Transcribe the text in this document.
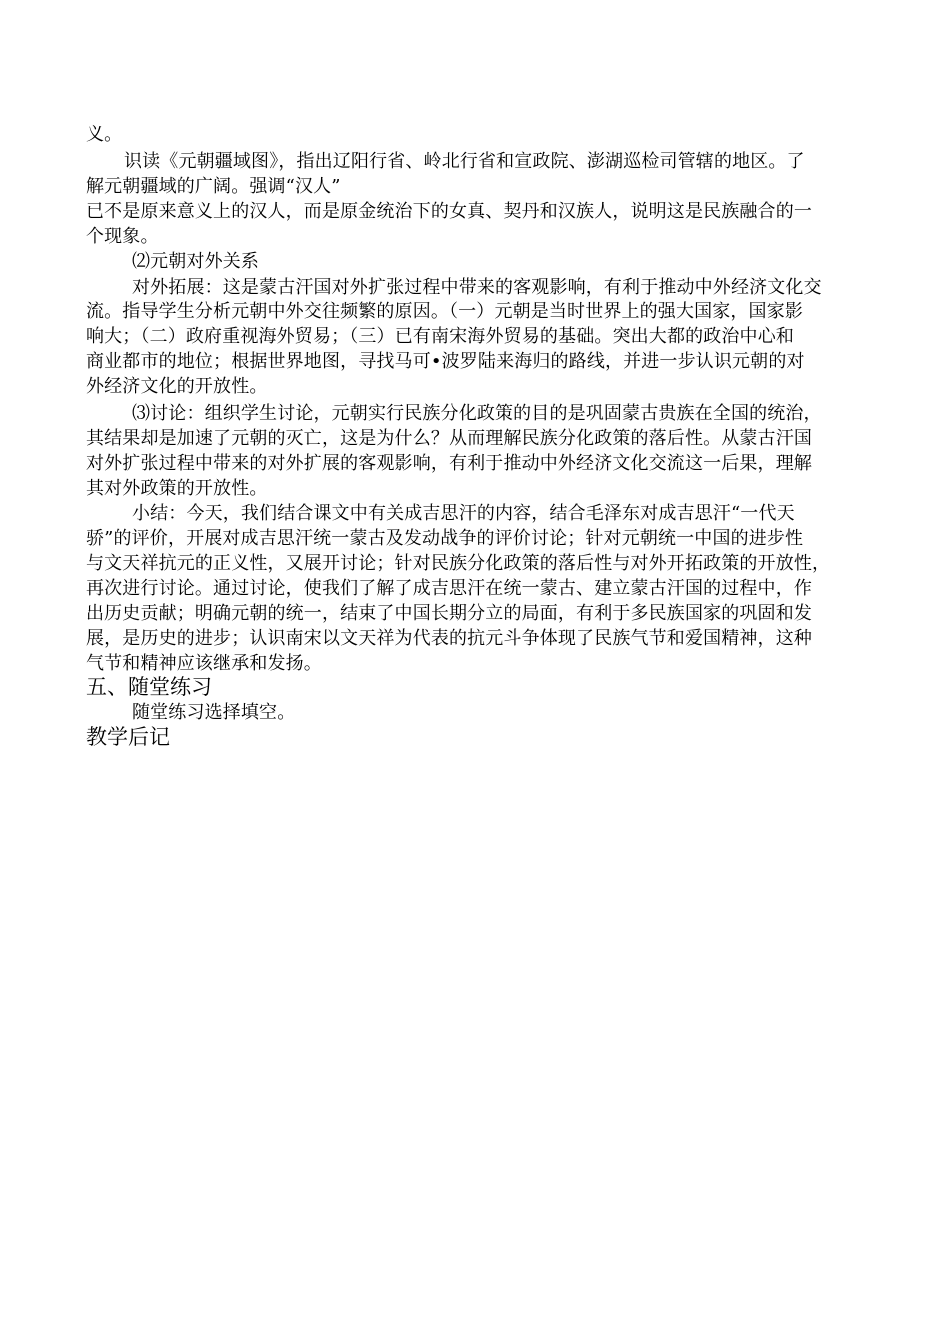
义。
识读《元朝疆域图》，指出辽阳行省、岭北行省和宣政院、澎湖巡检司管辖的地区。了
解元朝疆域的广阔。强调“汉人”
已不是原来意义上的汉人，而是原金统治下的女真、契丹和汉族人，说明这是民族融合的一
个现象。
⑵元朝对外关系
对外拓展：这是蒙古汗国对外扩张过程中带来的客观影响，有利于推动中外经济文化交
流。指导学生分析元朝中外交往频繁的原因。（一）元朝是当时世界上的强大国家，国家影
响大；（二）政府重视海外贸易；（三）已有南宋海外贸易的基础。突出大都的政治中心和
商业都市的地位；根据世界地图，寻找马可•波罗陆来海归的路线，并进一步认识元朝的对
外经济文化的开放性。
⑶讨论：组织学生讨论，元朝实行民族分化政策的目的是巩固蒙古贵族在全国的统治，
其结果却是加速了元朝的灭亡，这是为什么？从而理解民族分化政策的落后性。从蒙古汗国
对外扩张过程中带来的对外扩展的客观影响，有利于推动中外经济文化交流这一后果，理解
其对外政策的开放性。
小结：今天，我们结合课文中有关成吉思汗的内容，结合毛泽东对成吉思汗“一代天
骄”的评价，开展对成吉思汗统一蒙古及发动战争的评价讨论；针对元朝统一中国的进步性
与文天祥抗元的正义性，又展开讨论；针对民族分化政策的落后性与对外开拓政策的开放性，
再次进行讨论。通过讨论，使我们了解了成吉思汗在统一蒙古、建立蒙古汗国的过程中，作
出历史贡献；明确元朝的统一，结束了中国长期分立的局面，有利于多民族国家的巩固和发
展，是历史的进步；认识南宋以文天祥为代表的抗元斗争体现了民族气节和爱国精神，这种
气节和精神应该继承和发扬。
五、随堂练习
随堂练习选择填空。
教学后记
